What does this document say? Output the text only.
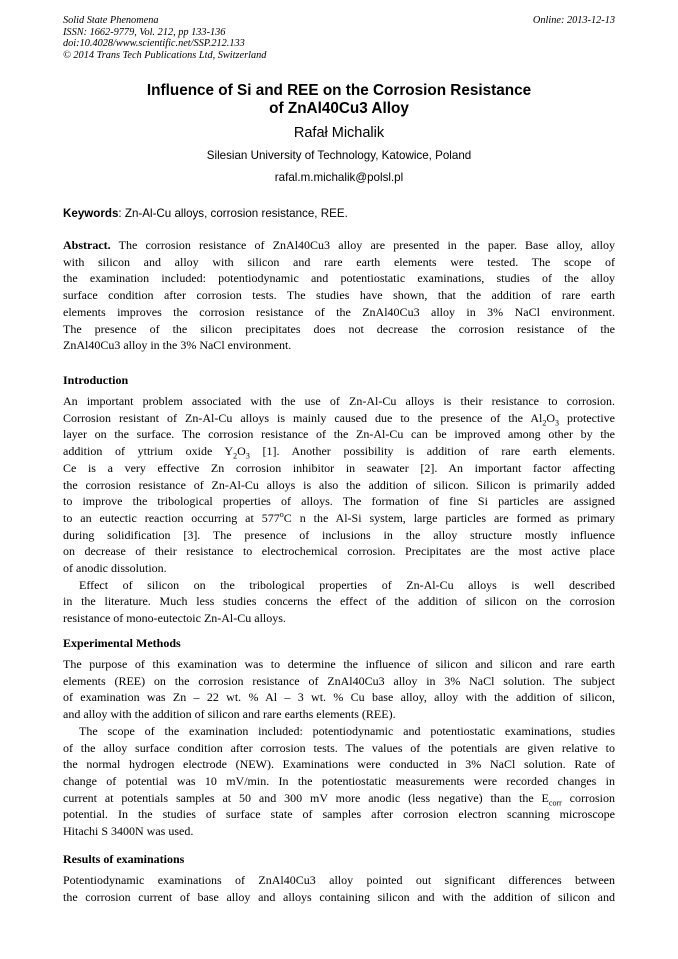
Solid State Phenomena
ISSN: 1662-9779, Vol. 212, pp 133-136
doi:10.4028/www.scientific.net/SSP.212.133
© 2014 Trans Tech Publications Ltd, Switzerland
Online: 2013-12-13
Influence of Si and REE on the Corrosion Resistance
of ZnAl40Cu3 Alloy
Rafał Michalik
Silesian University of Technology, Katowice, Poland
rafal.m.michalik@polsl.pl
Keywords: Zn-Al-Cu alloys, corrosion resistance, REE.
Abstract. The corrosion resistance of ZnAl40Cu3 alloy are presented in the paper. Base alloy, alloy
with silicon and alloy with silicon and rare earth elements were tested. The scope of
the examination included: potentiodynamic and potentiostatic examinations, studies of the alloy
surface condition after corrosion tests. The studies have shown, that the addition of rare earth
elements improves the corrosion resistance of the ZnAl40Cu3 alloy in 3% NaCl environment.
The presence of the silicon precipitates does not decrease the corrosion resistance of the
ZnAl40Cu3 alloy in the 3% NaCl environment.
Introduction
An important problem associated with the use of Zn-Al-Cu alloys is their resistance to corrosion.
Corrosion resistant of Zn-Al-Cu alloys is mainly caused due to the presence of the $Al_2O_3$ protective
layer on the surface. The corrosion resistance of the Zn-Al-Cu can be improved among other by the
addition of yttrium oxide $Y_2O_3$ [1]. Another possibility is addition of rare earth elements.
Ce is a very effective Zn corrosion inhibitor in seawater [2]. An important factor affecting
the corrosion resistance of Zn-Al-Cu alloys is also the addition of silicon. Silicon is primarily added
to improve the tribological properties of alloys. The formation of fine Si particles are assigned
to an eutectic reaction occurring at 577$^o$C n the Al-Si system, large particles are formed as primary
during solidification [3]. The presence of inclusions in the alloy structure mostly influence
on decrease of their resistance to electrochemical corrosion. Precipitates are the most active place
of anodic dissolution.
Effect of silicon on the tribological properties of Zn-Al-Cu alloys is well described
in the literature. Much less studies concerns the effect of the addition of silicon on the corrosion
resistance of mono-eutectoic Zn-Al-Cu alloys.
Experimental Methods
The purpose of this examination was to determine the influence of silicon and silicon and rare earth
elements (REE) on the corrosion resistance of ZnAl40Cu3 alloy in 3% NaCl solution. The subject
of examination was Zn – 22 wt. % Al – 3 wt. % Cu base alloy, alloy with the addition of silicon,
and alloy with the addition of silicon and rare earths elements (REE).
The scope of the examination included: potentiodynamic and potentiostatic examinations, studies
of the alloy surface condition after corrosion tests. The values of the potentials are given relative to
the normal hydrogen electrode (NEW). Examinations were conducted in 3% NaCl solution. Rate of
change of potential was 10 mV/min. In the potentiostatic measurements were recorded changes in
current at potentials samples at 50 and 300 mV more anodic (less negative) than the $E_{corr}$ corrosion
potential. In the studies of surface state of samples after corrosion electron scanning microscope
Hitachi S 3400N was used.
Results of examinations
Potentiodynamic examinations of ZnAl40Cu3 alloy pointed out significant differences between
the corrosion current of base alloy and alloys containing silicon and with the addition of silicon and
